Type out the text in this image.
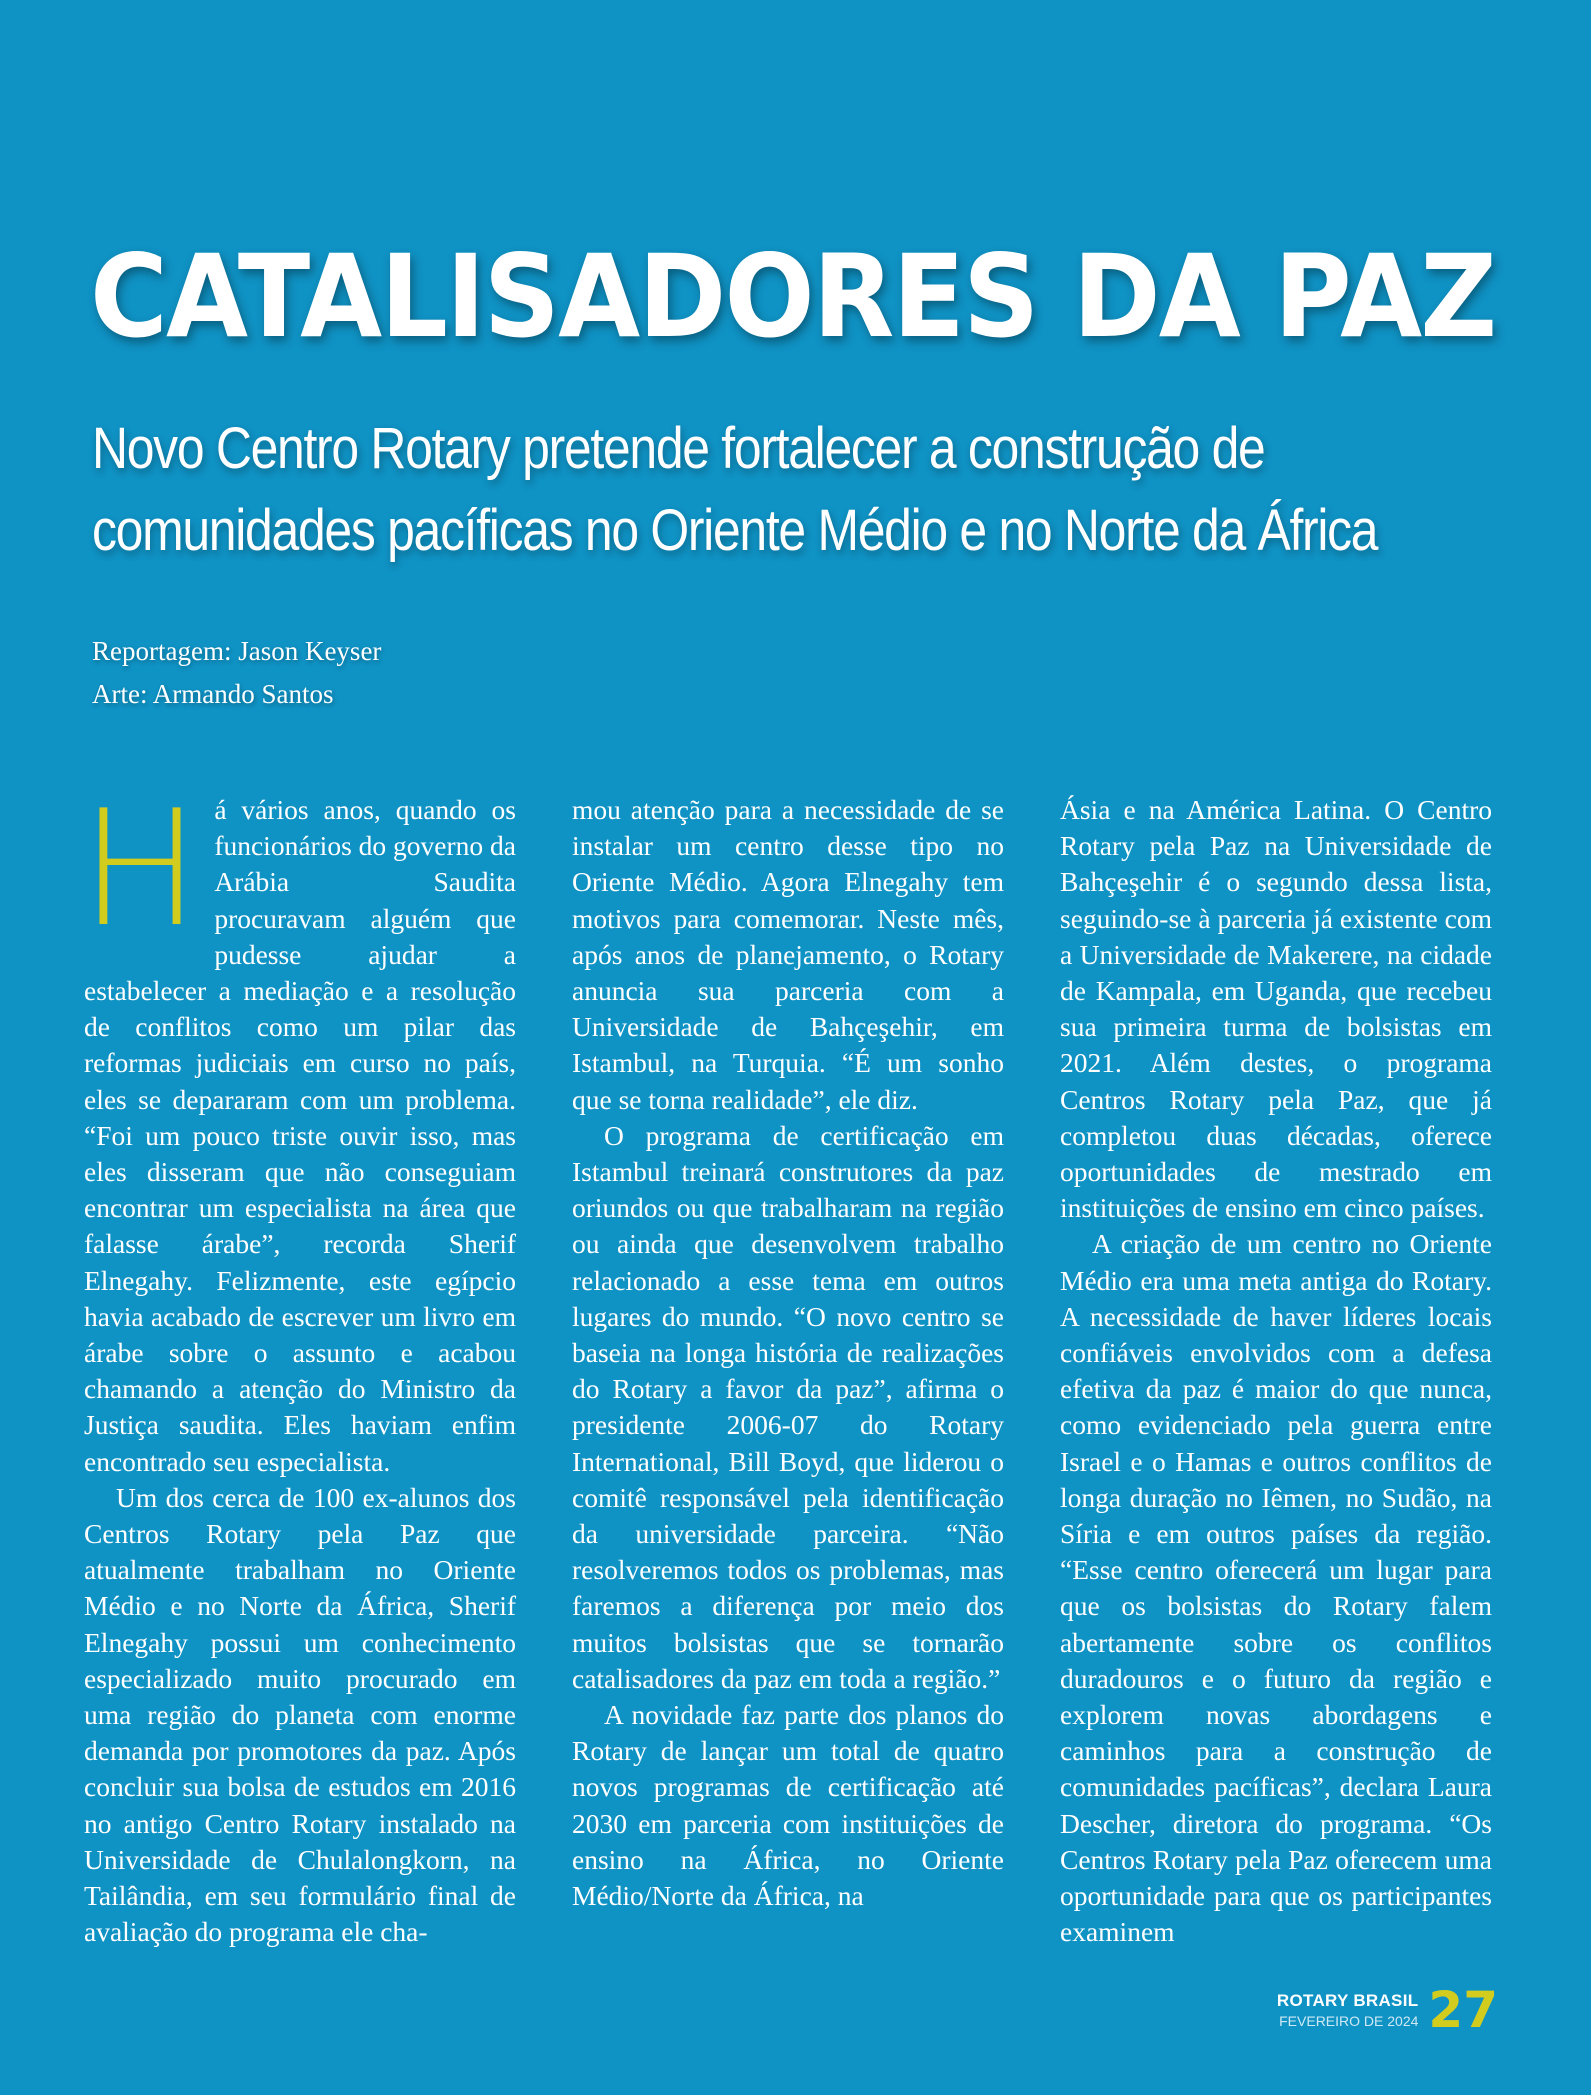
CATALISADORES DA PAZ
Novo Centro Rotary pretende fortalecer a construção de
comunidades pacíficas no Oriente Médio e no Norte da África
Reportagem: Jason Keyser
Arte: Armando Santos

Há vários anos, quando os funcionários do governo da Arábia Saudita procuravam alguém que pudesse ajudar a estabelecer a mediação e a resolução de conflitos como um pilar das reformas judiciais em curso no país, eles se depararam com um problema. “Foi um pouco triste ouvir isso, mas eles disseram que não conseguiam encontrar um especialista na área que falasse árabe”, recorda Sherif Elnegahy. Felizmente, este egípcio havia acabado de escrever um livro em árabe sobre o assunto e acabou chamando a atenção do Ministro da Justiça saudita. Eles haviam enfim encontrado seu especialista.

Um dos cerca de 100 ex-alunos dos Centros Rotary pela Paz que atualmente trabalham no Oriente Médio e no Norte da África, Sherif Elnegahy possui um conhecimento especializado muito procurado em uma região do planeta com enorme demanda por promotores da paz. Após concluir sua bolsa de estudos em 2016 no antigo Centro Rotary instalado na Universidade de Chulalongkorn, na Tailândia, em seu formulário final de avaliação do programa ele cha-

mou atenção para a necessidade de se instalar um centro desse tipo no Oriente Médio. Agora Elnegahy tem motivos para comemorar. Neste mês, após anos de planejamento, o Rotary anuncia sua parceria com a Universidade de Bahçeşehir, em Istambul, na Turquia. “É um sonho que se torna realidade”, ele diz.

O programa de certificação em Istambul treinará construtores da paz oriundos ou que trabalharam na região ou ainda que desenvolvem trabalho relacionado a esse tema em outros lugares do mundo. “O novo centro se baseia na longa história de realizações do Rotary a favor da paz”, afirma o presidente 2006-07 do Rotary International, Bill Boyd, que liderou o comitê responsável pela identificação da universidade parceira. “Não resolveremos todos os problemas, mas faremos a diferença por meio dos muitos bolsistas que se tornarão catalisadores da paz em toda a região.”

A novidade faz parte dos planos do Rotary de lançar um total de quatro novos programas de certificação até 2030 em parceria com instituições de ensino na África, no Oriente Médio/Norte da África, na

Ásia e na América Latina. O Centro Rotary pela Paz na Universidade de Bahçeşehir é o segundo dessa lista, seguindo-se à parceria já existente com a Universidade de Makerere, na cidade de Kampala, em Uganda, que recebeu sua primeira turma de bolsistas em 2021. Além destes, o programa Centros Rotary pela Paz, que já completou duas décadas, oferece oportunidades de mestrado em instituições de ensino em cinco países.

A criação de um centro no Oriente Médio era uma meta antiga do Rotary. A necessidade de haver líderes locais confiáveis envolvidos com a defesa efetiva da paz é maior do que nunca, como evidenciado pela guerra entre Israel e o Hamas e outros conflitos de longa duração no Iêmen, no Sudão, na Síria e em outros países da região. “Esse centro oferecerá um lugar para que os bolsistas do Rotary falem abertamente sobre os conflitos duradouros e o futuro da região e explorem novas abordagens e caminhos para a construção de comunidades pacíficas”, declara Laura Descher, diretora do programa. “Os Centros Rotary pela Paz oferecem uma oportunidade para que os participantes examinem

ROTARY BRASIL
FEVEREIRO DE 2024 27
